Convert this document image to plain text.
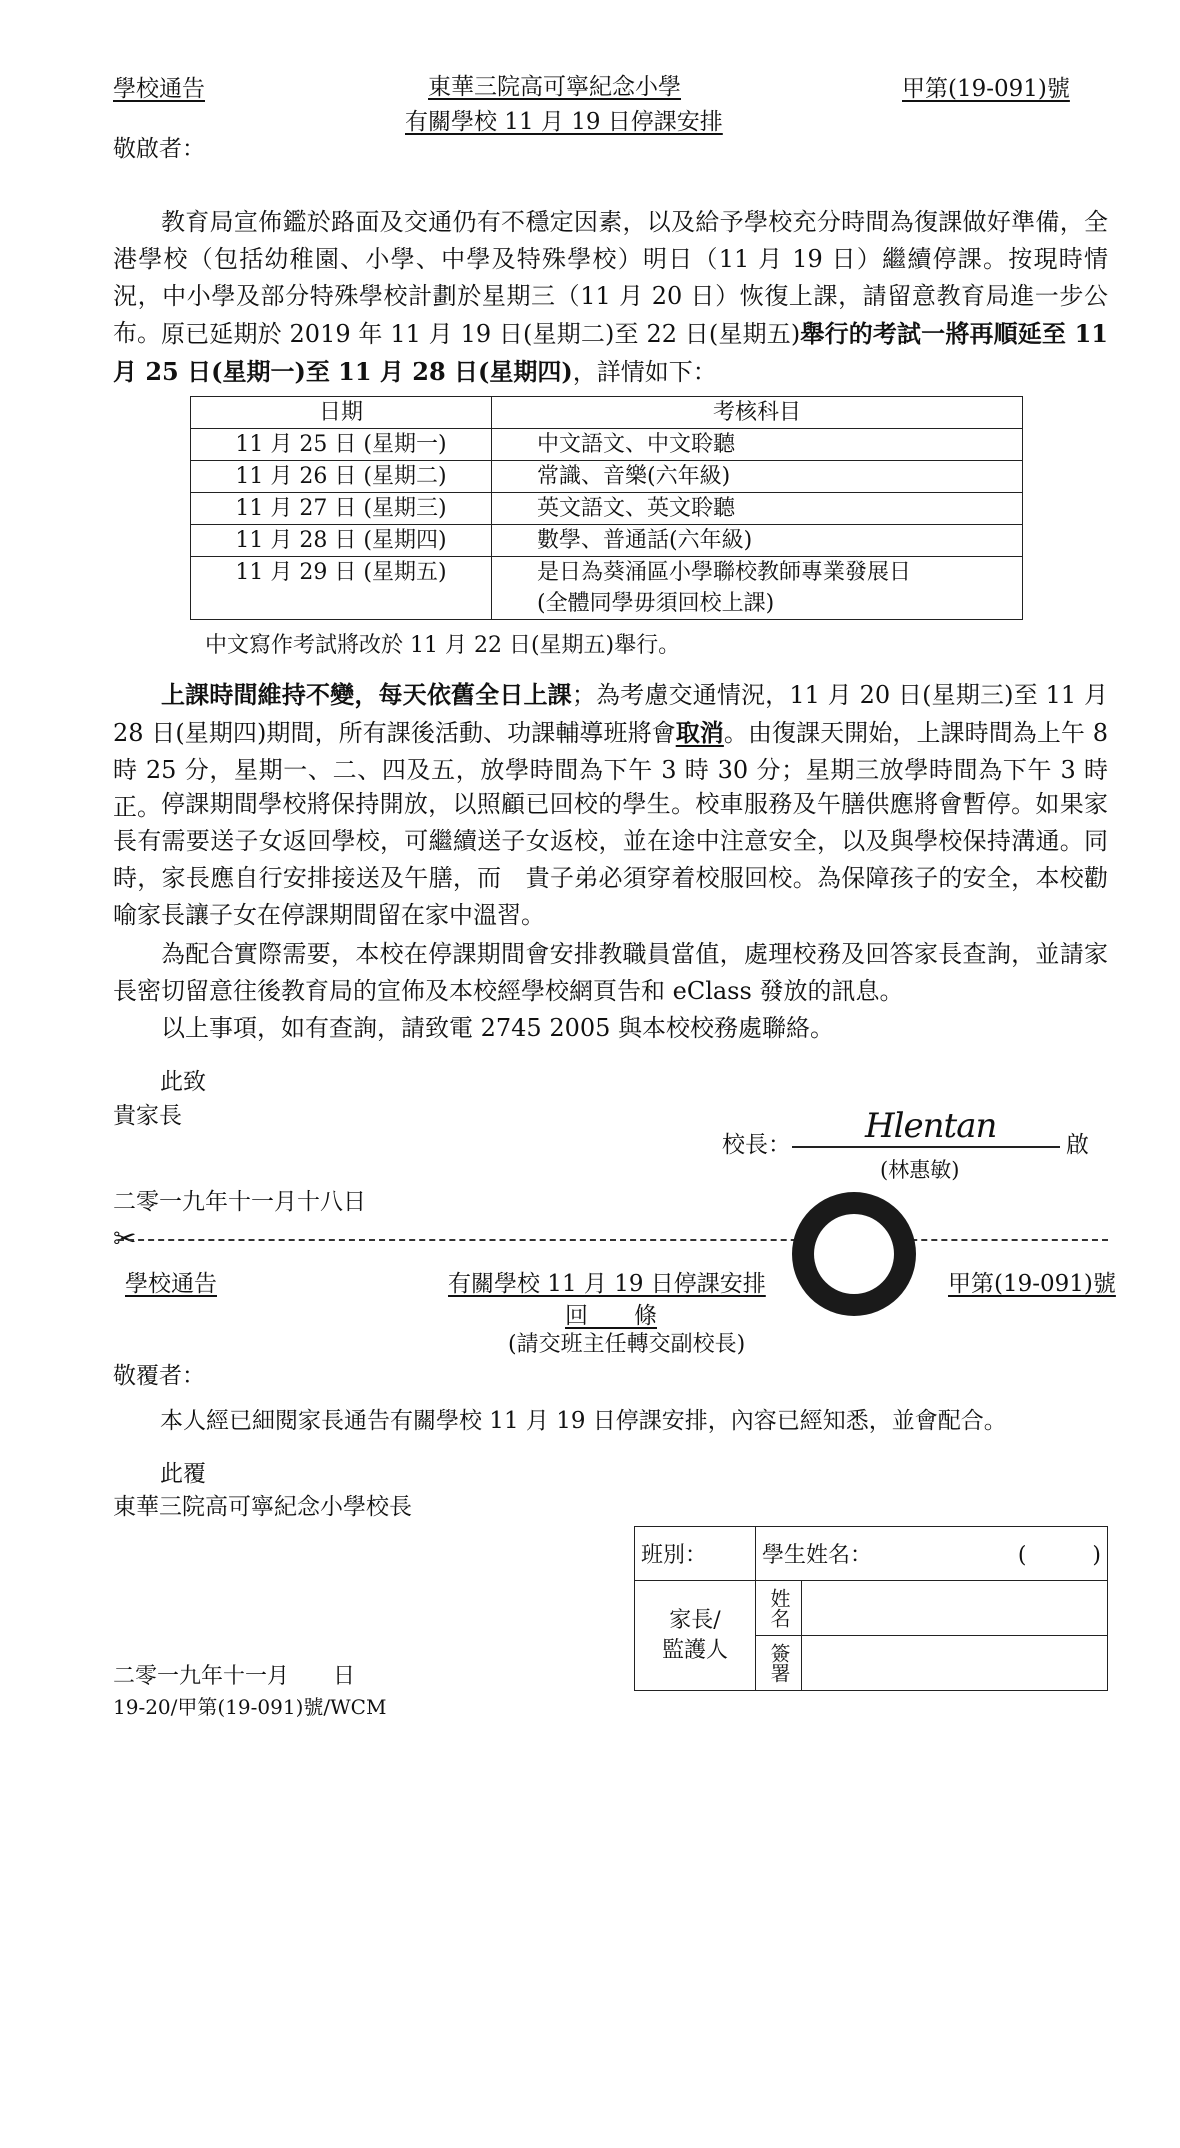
學校通告	東華三院高可寧紀念小學
有關學校 11 月 19 日停課安排
甲第(19-091)號
敬啟者：
教育局宣佈鑑於路面及交通仍有不穩定因素，以及給予學校充分時間為復課做好準備，全港學校（包括幼稚園、小學、中學及特殊學校）明日（11 月 19 日）繼續停課。按現時情況，中小學及部分特殊學校計劃於星期三（11 月 20 日）恢復上課，請留意教育局進一步公布。 原已延期於 2019 年 11 月 19 日(星期二)至 22 日(星期五)舉行的考試一將再順延至 11 月 25 日(星期一)至 11 月 28 日(星期四)，詳情如下：
日期	考核科目
11 月 25 日 (星期一)	中文語文、中文聆聽
11 月 26 日 (星期二)	常識、音樂(六年級)
11 月 27 日 (星期三)	英文語文、英文聆聽
11 月 28 日 (星期四)	數學、普通話(六年級)
11 月 29 日 (星期五)	是日為葵涌區小學聯校教師專業發展日
(全體同學毋須回校上課)
中文寫作考試將改於 11 月 22 日(星期五)舉行。
上課時間維持不變，每天依舊全日上課；為考慮交通情況，11 月 20 日(星期三)至 11 月 28 日(星期四)期間，所有課後活動、功課輔導班將會取消。由復課天開始，上課時間為上午 8 時 25 分，星期一、二、四及五，放學時間為下午 3 時 30 分；星期三放學時間為下午 3 時正。 停課期間學校將保持開放，以照顧已回校的學生。校車服務及午膳供應將會暫停。如果家長有需要送子女返回學校，可繼續送子女返校，並在途中注意安全，以及與學校保持溝通。同時，家長應自行安排接送及午膳，而　貴子弟必須穿着校服回校。為保障孩子的安全，本校勸喻家長讓子女在停課期間留在家中溫習。
為配合實際需要，本校在停課期間會安排教職員當值，處理校務及回答家長查詢，並請家長密切留意往後教育局的宣佈及本校經學校網頁告和 eClass 發放的訊息。
以上事項，如有查詢，請致電 2745 2005 與本校校務處聯絡。
此致
貴家長
校長： Hlentan	啟
(林惠敏)
二零一九年十一月十八日
✂
學校通告	有關學校 11 月 19 日停課安排	甲第(19-091)號
回　　條
(請交班主任轉交副校長)
敬覆者：
本人經已細閱家長通告有關學校 11 月 19 日停課安排，內容已經知悉，並會配合。
此覆
東華三院高可寧紀念小學校長
班別：	學生姓名： (　　　)	

家長/
監護人	姓名	
	簽署	
二零一九年十一月　　日
19-20/甲第(19-091)號/WCM
